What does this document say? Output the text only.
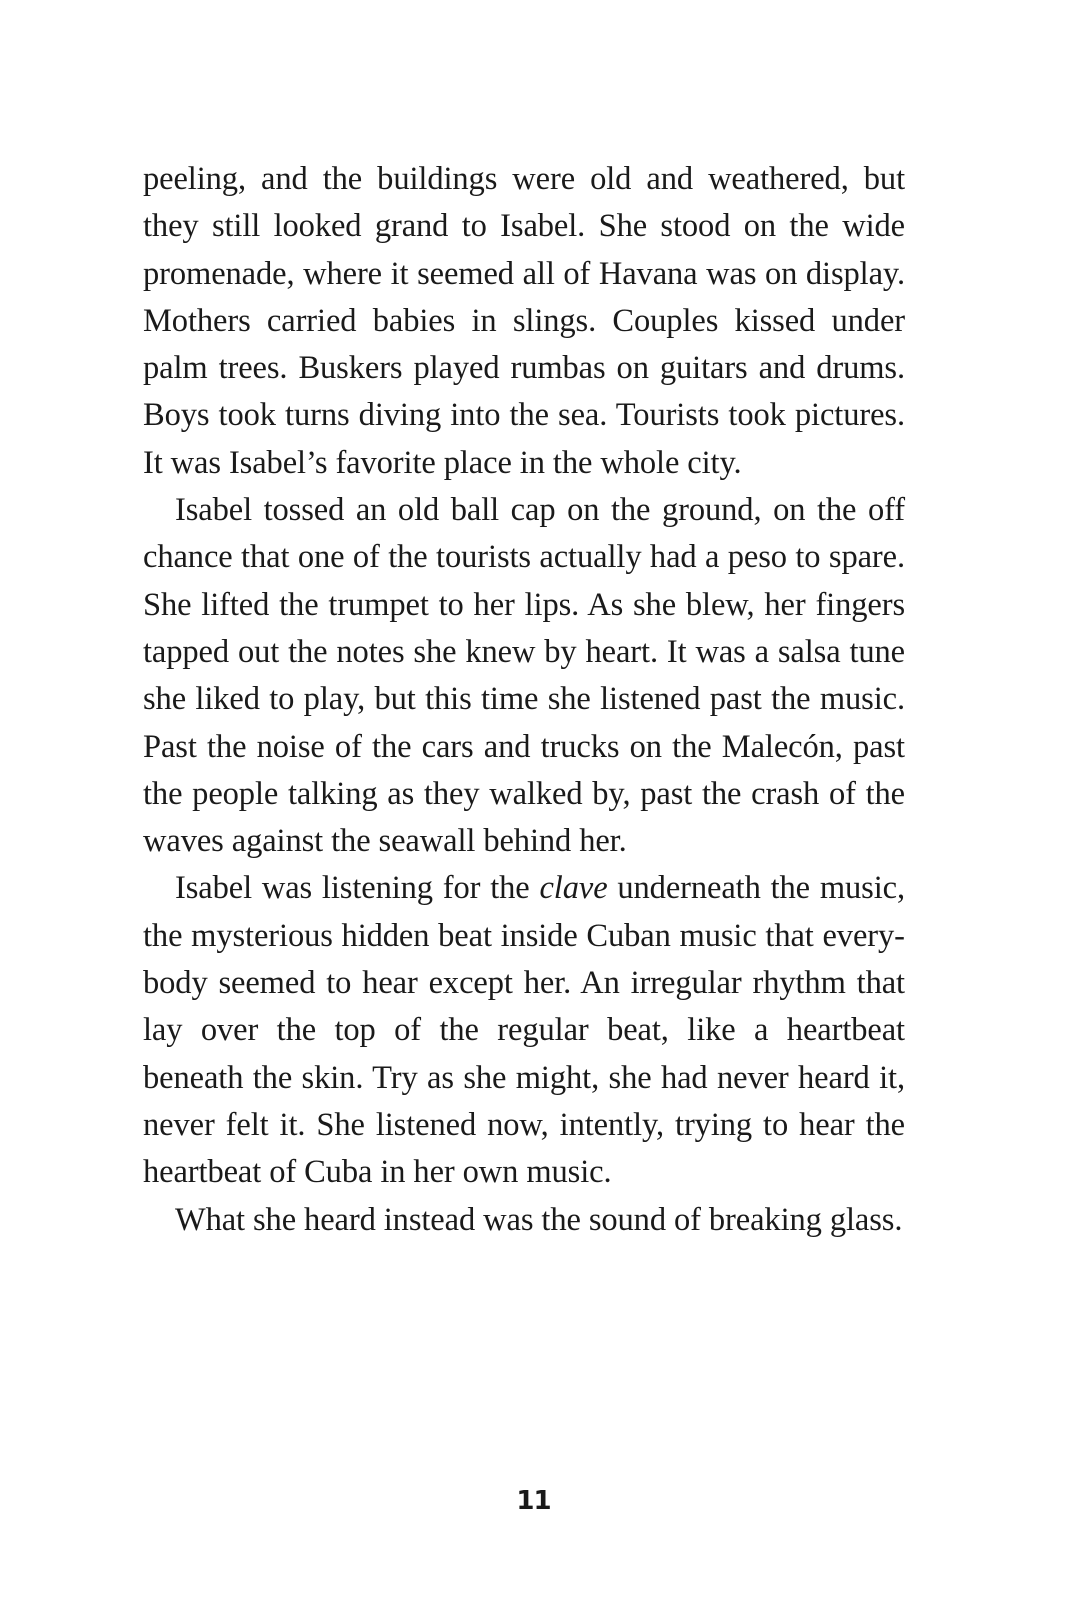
peeling, and the buildings were old and weathered, but they still looked grand to Isabel. She stood on the wide promenade, where it seemed all of Havana was on display. Mothers carried babies in slings. Couples kissed under palm trees. Buskers played rumbas on guitars and drums. Boys took turns diving into the sea. Tourists took pictures. It was Isabel’s favorite place in the whole city.

Isabel tossed an old ball cap on the ground, on the off chance that one of the tourists actually had a peso to spare. She lifted the trumpet to her lips. As she blew, her fingers tapped out the notes she knew by heart. It was a salsa tune she liked to play, but this time she listened past the music. Past the noise of the cars and trucks on the Malecón, past the people talking as they walked by, past the crash of the waves against the seawall behind her.

Isabel was listening for the clave underneath the music, the mysterious hidden beat inside Cuban music that everybody seemed to hear except her. An irregular rhythm that lay over the top of the regular beat, like a heartbeat beneath the skin. Try as she might, she had never heard it, never felt it. She listened now, intently, trying to hear the heartbeat of Cuba in her own music.

What she heard instead was the sound of breaking glass.

11
